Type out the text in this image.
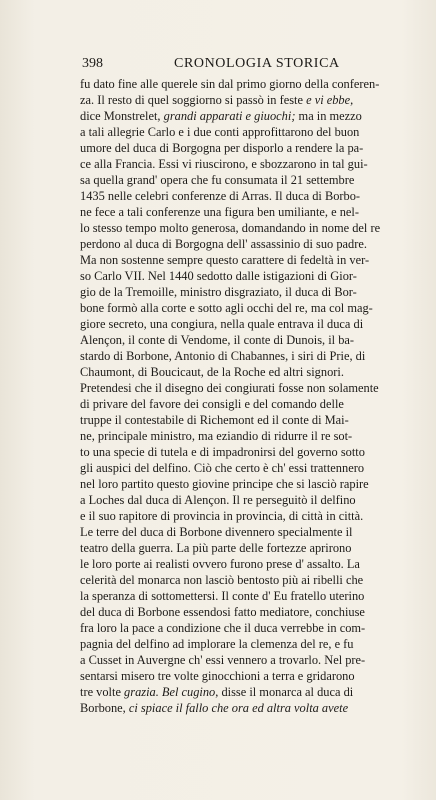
398	CRONOLOGIA STORICA
fu dato fine alle querele sin dal primo giorno della conferen-
za. Il resto di quel soggiorno si passò in feste e vi ebbe,
dice Monstrelet, grandi apparati e giuochi; ma in mezzo
a tali allegrie Carlo e i due conti approfittarono del buon
umore del duca di Borgogna per disporlo a rendere la pa-
ce alla Francia. Essi vi riuscirono, e sbozzarono in tal gui-
sa quella grand' opera che fu consumata il 21 settembre
1435 nelle celebri conferenze di Arras. Il duca di Borbo-
ne fece a tali conferenze una figura ben umiliante, e nel-
lo stesso tempo molto generosa, domandando in nome del re
perdono al duca di Borgogna dell' assassinio di suo padre.
Ma non sostenne sempre questo carattere di fedeltà in ver-
so Carlo VII. Nel 1440 sedotto dalle istigazioni di Gior-
gio de la Tremoille, ministro disgraziato, il duca di Bor-
bone formò alla corte e sotto agli occhi del re, ma col mag-
giore secreto, una congiura, nella quale entrava il duca di
Alençon, il conte di Vendome, il conte di Dunois, il ba-
stardo di Borbone, Antonio di Chabannes, i siri di Prie, di
Chaumont, di Boucicaut, de la Roche ed altri signori.
Pretendesi che il disegno dei congiurati fosse non solamente
di privare del favore dei consigli e del comando delle
truppe il contestabile di Richemont ed il conte di Mai-
ne, principale ministro, ma eziandio di ridurre il re sot-
to una specie di tutela e di impadronirsi del governo sotto
gli auspici del delfino. Ciò che certo è ch' essi trattennero
nel loro partito questo giovine principe che si lasciò rapire
a Loches dal duca di Alençon. Il re perseguitò il delfino
e il suo rapitore di provincia in provincia, di città in città.
Le terre del duca di Borbone divennero specialmente il
teatro della guerra. La più parte delle fortezze aprirono
le loro porte ai realisti ovvero furono prese d' assalto. La
celerità del monarca non lasciò bentosto più ai ribelli che
la speranza di sottomettersi. Il conte d' Eu fratello uterino
del duca di Borbone essendosi fatto mediatore, conchiuse
fra loro la pace a condizione che il duca verrebbe in com-
pagnia del delfino ad implorare la clemenza del re, e fu
a Cusset in Auvergne ch' essi vennero a trovarlo. Nel pre-
sentarsi misero tre volte ginocchioni a terra e gridarono
tre volte grazia. Bel cugino, disse il monarca al duca di
Borbone, ci spiace il fallo che ora ed altra volta avete
